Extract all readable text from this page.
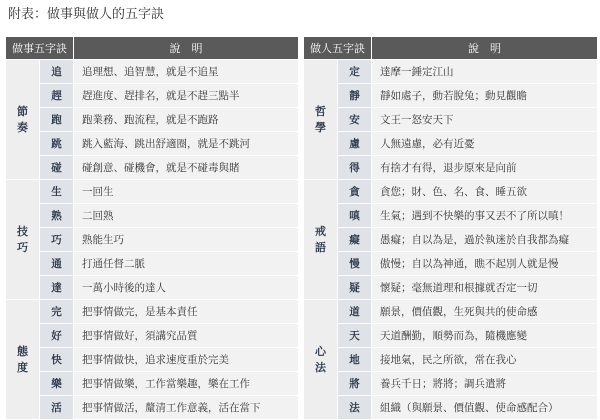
附表：做事與做人的五字訣
做事五字訣		說　明

節
奏	追	追理想、追智慧，就是不追星
	趕	趕進度、趕排名，就是不趕三點半
	跑	跑業務、跑流程，就是不跑路
	跳	跳入藍海、跳出舒適圈，就是不跳河
	碰	碰創意、碰機會，就是不碰毒與賭

技
巧	生	一回生
	熟	二回熟
	巧	熟能生巧
	通	打通任督二脈
	達	一萬小時後的達人

態
度	完	把事情做完，是基本責任
	好	把事情做好，須講究品質
	快	把事情做快，追求速度重於完美
	樂	把事情做樂，工作當樂趣，樂在工作
	活	把事情做活，釐清工作意義，活在當下
做人五字訣		說　明

哲
學	定	達摩一錘定江山
	靜	靜如處子，動若脫兔；動見觀瞻
	安	文王一怒安天下
	慮	人無遠慮，必有近憂
	得	有捨才有得，退步原來是向前

戒
語	貪	貪您；財、色、名、食、睡五欲
	嗔	生氣；遇到不快樂的事又丟不了所以嗔！
	癡	愚癡；自以為是，過於執迷於自我都為癡
	慢	傲慢；自以為神通，瞧不起別人就是慢
	疑	懷疑；毫無道理和根據就否定一切

心
法	道	願景，價值觀，生死與共的使命感
	天	天道酬勤，順勢而為，隨機應變
	地	接地氣，民之所欲，常在我心
	將	養兵千日；將將；調兵遣將
	法	組織（與願景、價值觀、使命感配合）
